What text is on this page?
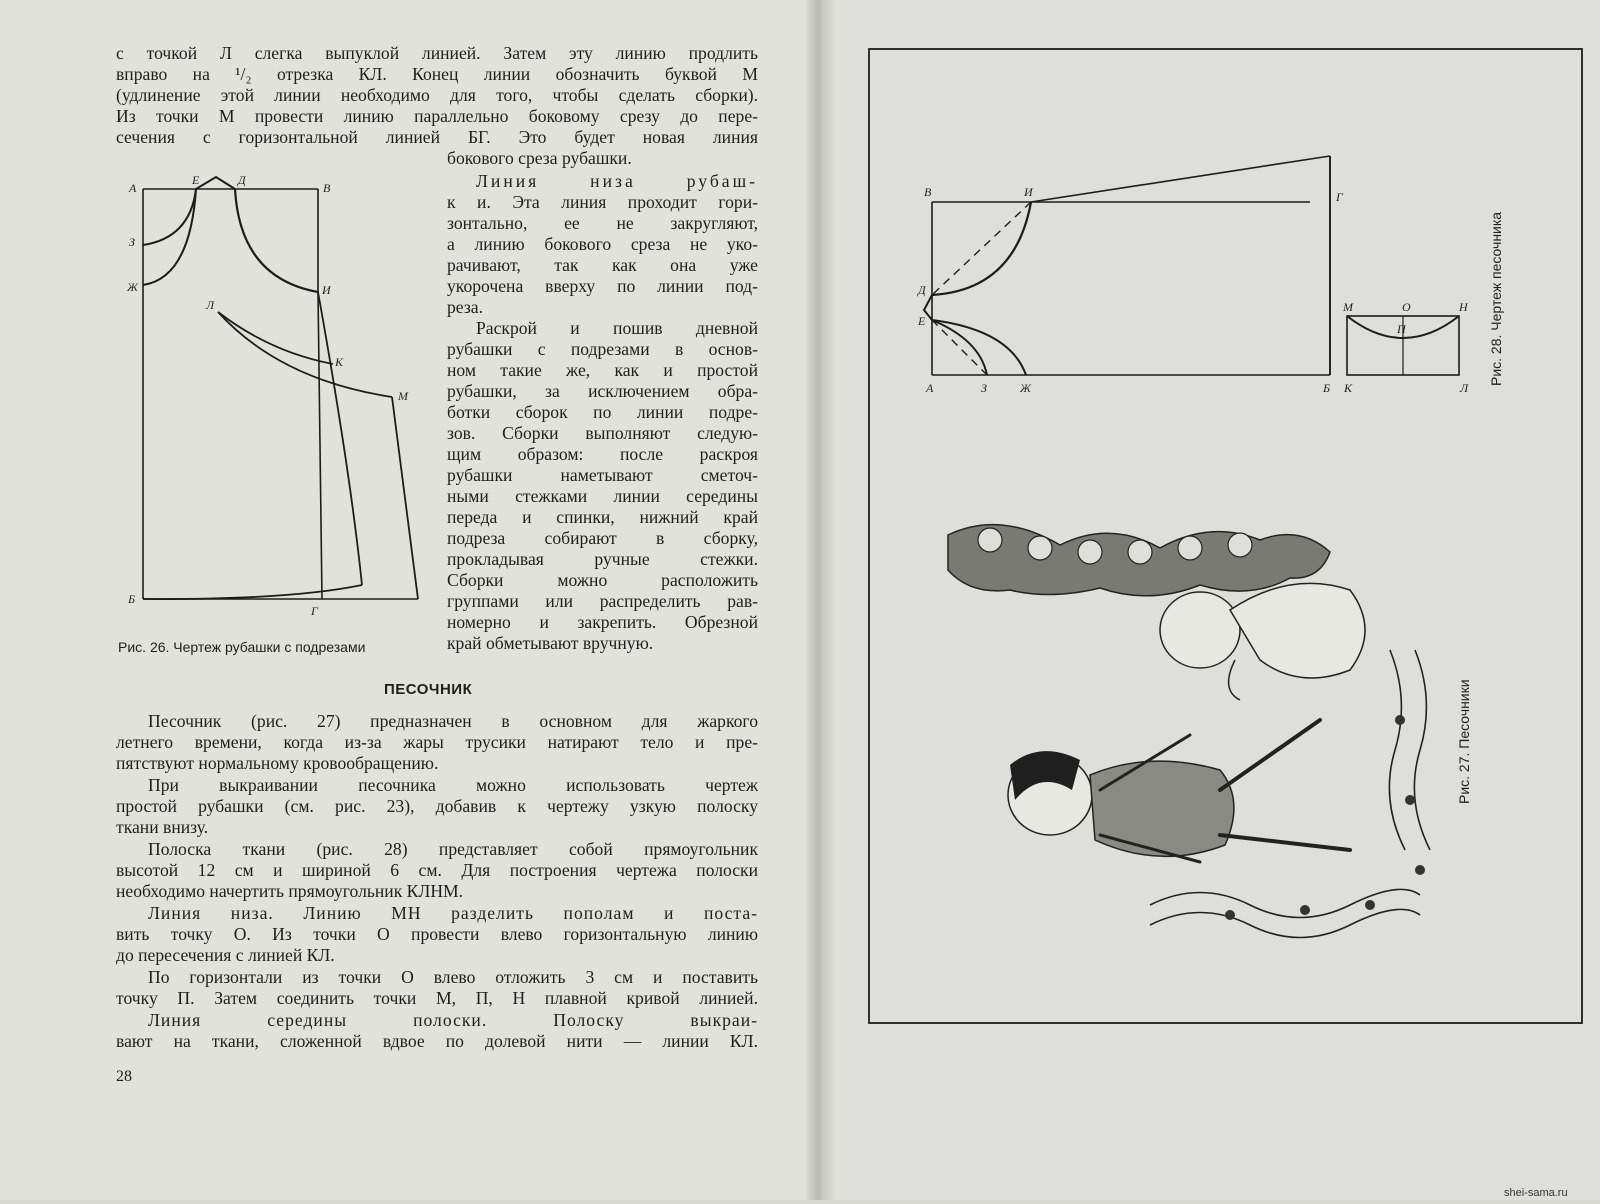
с точкой Л слегка выпуклой линией. Затем эту линию продлить
вправо на ¹/₂ отрезка КЛ. Конец линии обозначить буквой М
(удлинение этой линии необходимо для того, чтобы сделать сборки).
Из точки М провести линию параллельно боковому срезу до пере-
сечения с горизонтальной линией БГ. Это будет новая линия
бокового среза рубашки.
Линия низа рубаш-
к и. Эта линия проходит гори-
зонтально, ее не закругляют,
а линию бокового среза не уко-
рачивают, так как она уже
укорочена вверху по линии под-
реза.
Раскрой и пошив дневной
рубашки с подрезами в основ-
ном такие же, как и простой
рубашки, за исключением обра-
ботки сборок по линии подре-
зов. Сборки выполняют следую-
щим образом: после раскроя
рубашки наметывают сметоч-
ными стежками линии середины
переда и спинки, нижний край
подреза собирают в сборку,
прокладывая ручные стежки.
Сборки можно расположить
группами или распределить рав-
номерно и закрепить. Обрезной
край обметывают вручную.
Рис. 26. Чертеж рубашки с подрезами
ПЕСОЧНИК
Песочник (рис. 27) предназначен в основном для жаркого
летнего времени, когда из-за жары трусики натирают тело и пре-
пятствуют нормальному кровообращению.
При выкраивании песочника можно использовать чертеж
простой рубашки (см. рис. 23), добавив к чертежу узкую полоску
ткани внизу.
Полоска ткани (рис. 28) представляет собой прямоугольник
высотой 12 см и шириной 6 см. Для построения чертежа полоски
необходимо начертить прямоугольник КЛНМ.
Линия низа. Линию МН разделить пополам и поста-
вить точку О. Из точки О провести влево горизонтальную линию
до пересечения с линией КЛ.
По горизонтали из точки О влево отложить 3 см и поставить
точку П. Затем соединить точки М, П, Н плавной кривой линией.
Линия середины полоски. Полоску выкраи-
вают на ткани, сложенной вдвое по долевой нити — линии КЛ.
28
А
Е	Д
В
З
Ж	И
Л
К
М
Б
Г
В	И	Г
Д
Е
А	З	Ж	Б
М	О	Н
П
К	Л
Рис. 28. Чертеж песочника
Рис. 27. Песочники
shei-sama.ru
